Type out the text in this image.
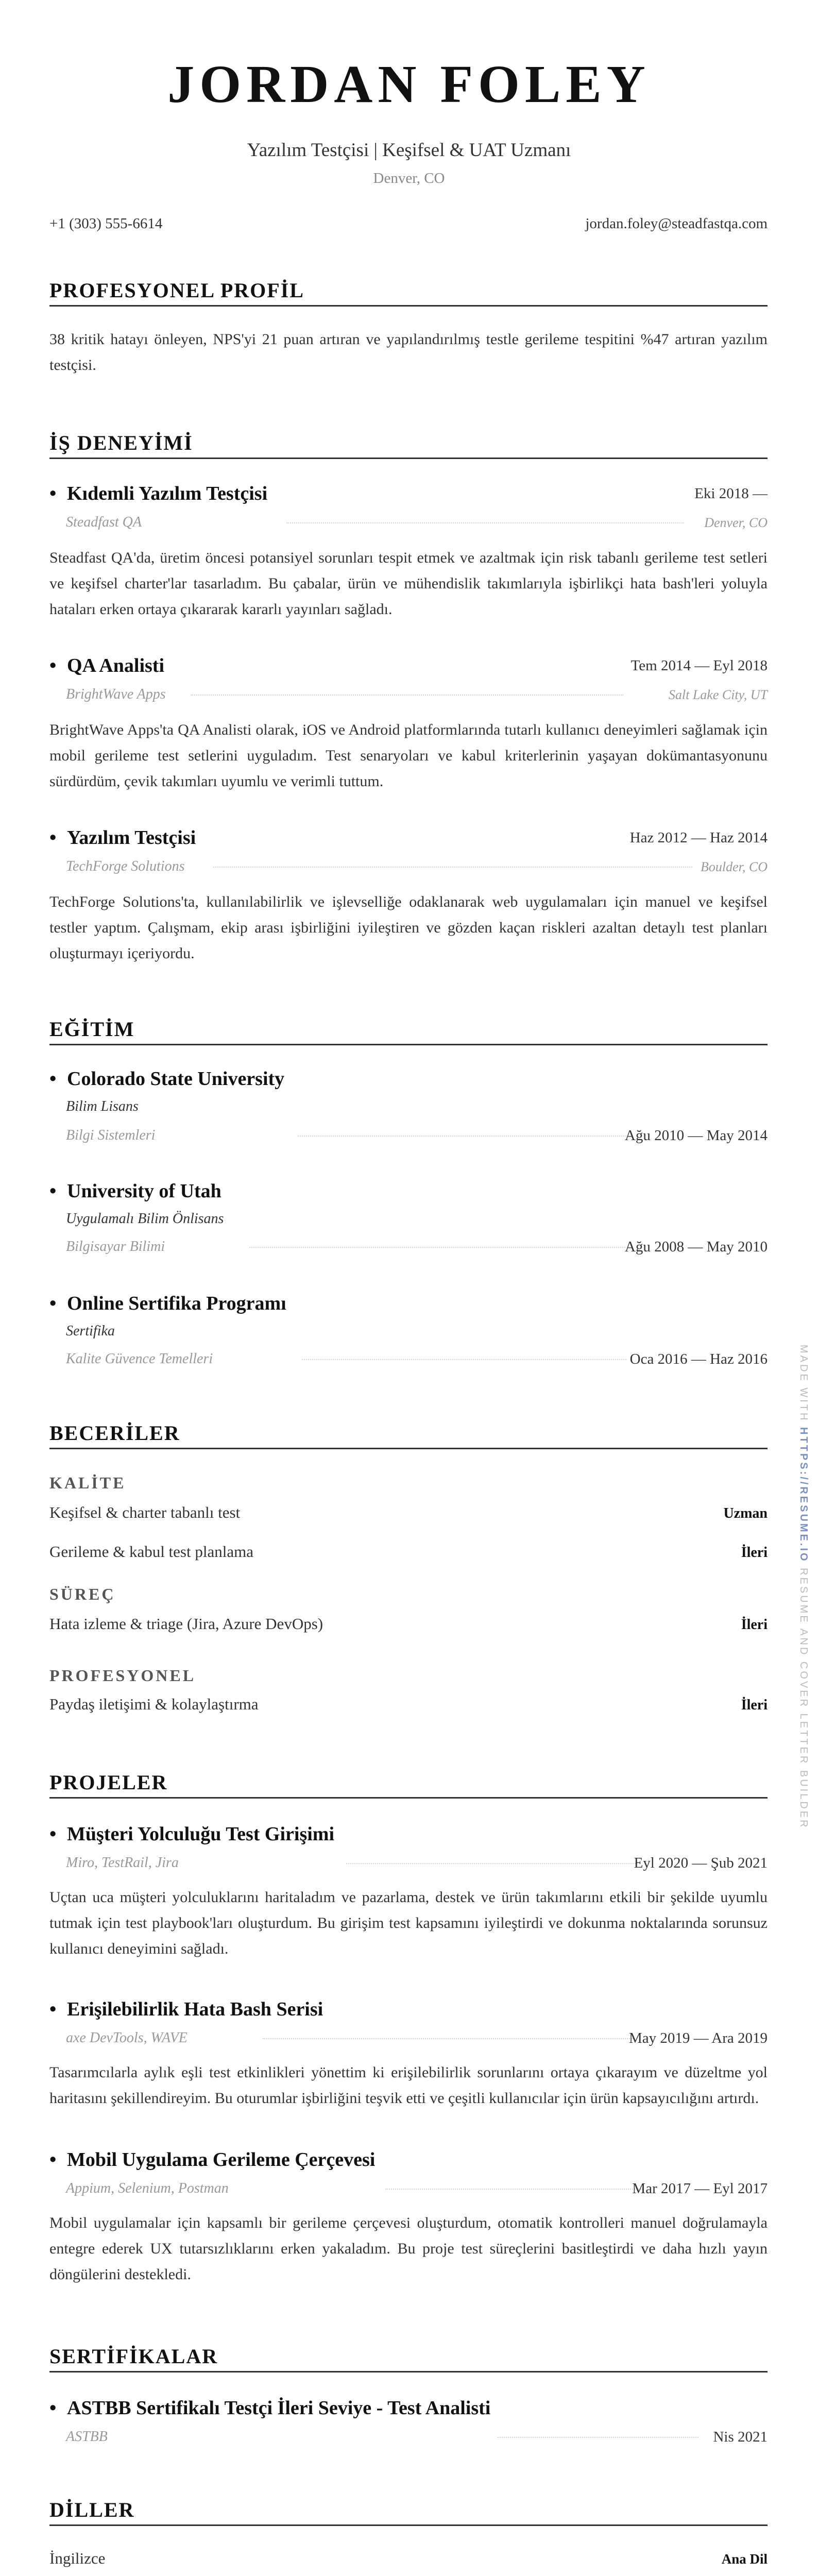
JORDAN FOLEY
Yazılım Testçisi | Keşifsel & UAT Uzmanı
Denver, CO
+1 (303) 555-6614	jordan.foley@steadfastqa.com
PROFESYONEL PROFİL
38 kritik hatayı önleyen, NPS'yi 21 puan artıran ve yapılandırılmış testle gerileme tespitini %47 artıran yazılım testçisi.
İŞ DENEYİMİ
• Kıdemli Yazılım Testçisi	Eki 2018 —
Steadfast QA	Denver, CO
Steadfast QA'da, üretim öncesi potansiyel sorunları tespit etmek ve azaltmak için risk tabanlı gerileme test setleri ve keşifsel charter'lar tasarladım. Bu çabalar, ürün ve mühendislik takımlarıyla işbirlikçi hata bash'leri yoluyla hataları erken ortaya çıkararak kararlı yayınları sağladı.
• QA Analisti	Tem 2014 — Eyl 2018
BrightWave Apps	Salt Lake City, UT
BrightWave Apps'ta QA Analisti olarak, iOS ve Android platformlarında tutarlı kullanıcı deneyimleri sağlamak için mobil gerileme test setlerini uyguladım. Test senaryoları ve kabul kriterlerinin yaşayan dokümantasyonunu sürdürdüm, çevik takımları uyumlu ve verimli tuttum.
• Yazılım Testçisi	Haz 2012 — Haz 2014
TechForge Solutions	Boulder, CO
TechForge Solutions'ta, kullanılabilirlik ve işlevselliğe odaklanarak web uygulamaları için manuel ve keşifsel testler yaptım. Çalışmam, ekip arası işbirliğini iyileştiren ve gözden kaçan riskleri azaltan detaylı test planları oluşturmayı içeriyordu.
EĞİTİM
• Colorado State University
Bilim Lisans
Bilgi Sistemleri	Ağu 2010 — May 2014
• University of Utah
Uygulamalı Bilim Önlisans
Bilgisayar Bilimi	Ağu 2008 — May 2010
• Online Sertifika Programı
Sertifika
Kalite Güvence Temelleri	Oca 2016 — Haz 2016
BECERİLER
KALİTE
Keşifsel & charter tabanlı test	Uzman
Gerileme & kabul test planlama	İleri
SÜREÇ
Hata izleme & triage (Jira, Azure DevOps)	İleri
PROFESYONEL
Paydaş iletişimi & kolaylaştırma	İleri
PROJELER
• Müşteri Yolculuğu Test Girişimi
Miro, TestRail, Jira	Eyl 2020 — Şub 2021
Uçtan uca müşteri yolculuklarını haritaladım ve pazarlama, destek ve ürün takımlarını etkili bir şekilde uyumlu tutmak için test playbook'ları oluşturdum. Bu girişim test kapsamını iyileştirdi ve dokunma noktalarında sorunsuz kullanıcı deneyimini sağladı.
• Erişilebilirlik Hata Bash Serisi
axe DevTools, WAVE	May 2019 — Ara 2019
Tasarımcılarla aylık eşli test etkinlikleri yönettim ki erişilebilirlik sorunlarını ortaya çıkarayım ve düzeltme yol haritasını şekillendireyim. Bu oturumlar işbirliğini teşvik etti ve çeşitli kullanıcılar için ürün kapsayıcılığını artırdı.
• Mobil Uygulama Gerileme Çerçevesi
Appium, Selenium, Postman	Mar 2017 — Eyl 2017
Mobil uygulamalar için kapsamlı bir gerileme çerçevesi oluşturdum, otomatik kontrolleri manuel doğrulamayla entegre ederek UX tutarsızlıklarını erken yakaladım. Bu proje test süreçlerini basitleştirdi ve daha hızlı yayın döngülerini destekledi.
SERTİFİKALAR
• ASTBB Sertifikalı Testçi İleri Seviye - Test Analisti
ASTBB	Nis 2021
DİLLER
İngilizce	Ana Dil
MADE WITH HTTPS://RESUME.IO RESUME AND COVER LETTER BUILDER
